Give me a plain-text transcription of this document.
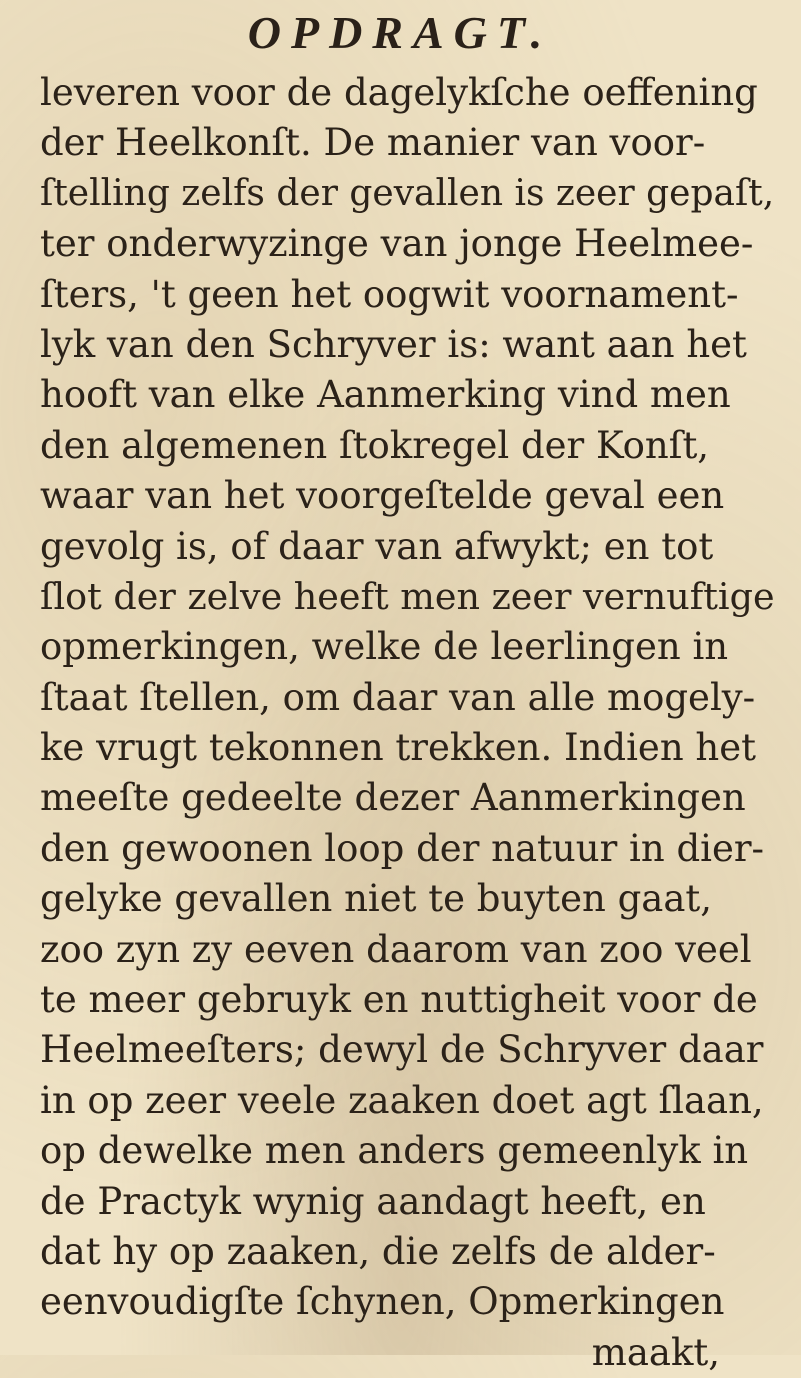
OPDRAGT.
leveren voor de dagelykſche oeffening
der Heelkonſt. De manier van voor-
ſtelling zelfs der gevallen is zeer gepaſt,
ter onderwyzinge van jonge Heelmee-
ſters, 't geen het oogwit voornament-
lyk van den Schryver is: want aan het
hooft van elke Aanmerking vind men
den algemenen ſtokregel der Konſt,
waar van het voorgeſtelde geval een
gevolg is, of daar van afwykt; en tot
ſlot der zelve heeft men zeer vernuftige
opmerkingen, welke de leerlingen in
ſtaat ſtellen, om daar van alle mogely-
ke vrugt tekonnen trekken. Indien het
meeſte gedeelte dezer Aanmerkingen
den gewoonen loop der natuur in dier-
gelyke gevallen niet te buyten gaat,
zoo zyn zy eeven daarom van zoo veel
te meer gebruyk en nuttigheit voor de
Heelmeeſters; dewyl de Schryver daar
in op zeer veele zaaken doet agt ſlaan,
op dewelke men anders gemeenlyk in
de Practyk wynig aandagt heeft, en
dat hy op zaaken, die zelfs de alder-
eenvoudigſte ſchynen, Opmerkingen
maakt,
